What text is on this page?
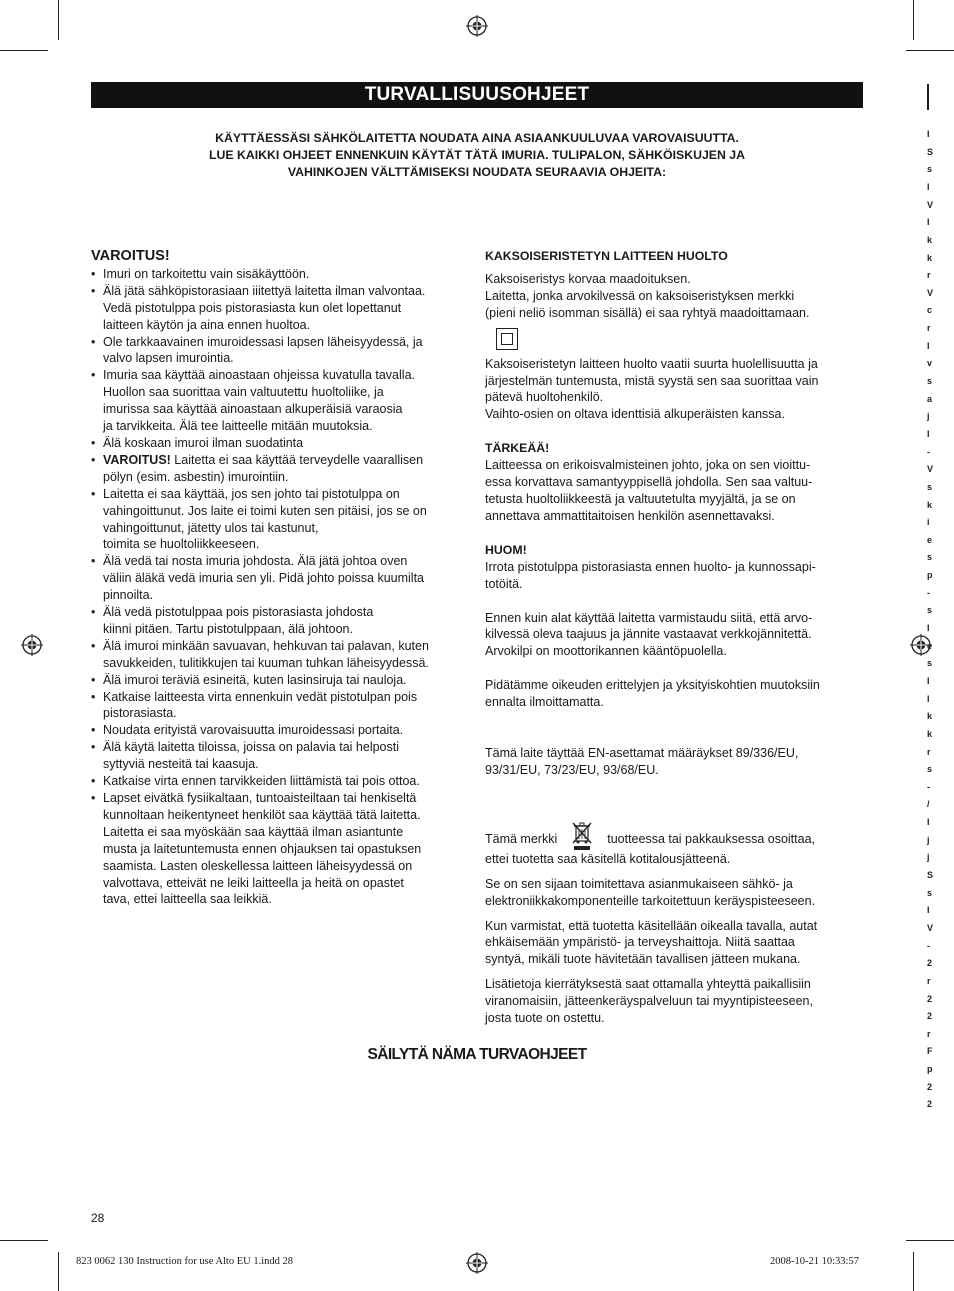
TURVALLISUUSOHJEET
KÄYTTÄESSÄSI SÄHKÖLAITETTA NOUDATA AINA ASIAANKUULUVAA VAROVAISUUTTA.
LUE KAIKKI OHJEET ENNENKUIN KÄYTÄT TÄTÄ IMURIA. TULIPALON, SÄHKÖISKUJEN JA
VAHINKOJEN VÄLTTÄMISEKSI NOUDATA SEURAAVIA OHJEITA:
VAROITUS!
• Imuri on tarkoitettu vain sisäkäyttöön.
• Älä jätä sähköpistorasiaan iiitettyä laitetta ilman valvontaa.
Vedä pistotulppa pois pistorasiasta kun olet lopettanut
laitteen käytön ja aina ennen huoltoa.
• Ole tarkkaavainen imuroidessasi lapsen läheisyydessä, ja
valvo lapsen imurointia.
• Imuria saa käyttää ainoastaan ohjeissa kuvatulla tavalla.
Huollon saa suorittaa vain valtuutettu huoltoliike, ja
imurissa saa käyttää ainoastaan alkuperäisiä varaosia
ja tarvikkeita. Älä tee laitteelle mitään muutoksia.
• Älä koskaan imuroi ilman suodatinta
• VAROITUS! Laitetta ei saa käyttää terveydelle vaarallisen
pölyn (esim. asbestin) imurointiin.
• Laitetta ei saa käyttää, jos sen johto tai pistotulppa on
vahingoittunut. Jos laite ei toimi kuten sen pitäisi, jos se on
vahingoittunut, jätetty ulos tai kastunut,
toimita se huoltoliikkeeseen.
• Älä vedä tai nosta imuria johdosta. Älä jätä johtoa oven
väliin äläkä vedä imuria sen yli. Pidä johto poissa kuumilta
pinnoilta.
• Älä vedä pistotulppaa pois pistorasiasta johdosta
kiinni pitäen. Tartu pistotulppaan, älä johtoon.
• Älä imuroi minkään savuavan, hehkuvan tai palavan, kuten
savukkeiden, tulitikkujen tai kuuman tuhkan läheisyydessä.
• Älä imuroi teräviä esineitä, kuten lasinsiruja tai nauloja.
• Katkaise laitteesta virta ennenkuin vedät pistotulpan pois
pistorasiasta.
• Noudata erityistä varovaisuutta imuroidessasi portaita.
• Älä käytä laitetta tiloissa, joissa on palavia tai helposti
syttyviä nesteitä tai kaasuja.
• Katkaise virta ennen tarvikkeiden liittämistä tai pois ottoa.
• Lapset eivätkä fysiikaltaan, tuntoaisteiltaan tai henkiseltä
kunnoltaan heikentyneet henkilöt saa käyttää tätä laitetta.
Laitetta ei saa myöskään saa käyttää ilman asiantunte
musta ja laitetuntemusta ennen ohjauksen tai opastuksen
saamista. Lasten oleskellessa laitteen läheisyydessä on
valvottava, etteivät ne leiki laitteella ja heitä on opastet
tava, ettei laitteella saa leikkiä.
KAKSOISERISTETYN LAITTEEN HUOLTO
Kaksoiseristys korvaa maadoituksen.
Laitetta, jonka arvokilvessä on kaksoiseristyksen merkki
(pieni neliö isomman sisällä) ei saa ryhtyä maadoittamaan.
Kaksoiseristetyn laitteen huolto vaatii suurta huolellisuutta ja
järjestelmän tuntemusta, mistä syystä sen saa suorittaa vain
pätevä huoltohenkilö.
Vaihto-osien on oltava identtisiä alkuperäisten kanssa.
TÄRKEÄÄ!
Laitteessa on erikoisvalmisteinen johto, joka on sen vioittu-
essa korvattava samantyyppisellä johdolla. Sen saa valtuu-
tetusta huoltoliikkeestä ja valtuutetulta myyjältä, ja se on
annettava ammattitaitoisen henkilön asennettavaksi.
HUOM!
Irrota pistotulppa pistorasiasta ennen huolto- ja kunnossapi-
totöitä.
Ennen kuin alat käyttää laitetta varmistaudu siitä, että arvo-
kilvessä oleva taajuus ja jännite vastaavat verkkojännitettä.
Arvokilpi on moottorikannen kääntöpuolella.
Pidätämme oikeuden erittelyjen ja yksityiskohtien muutoksiin
ennalta ilmoittamatta.
Tämä laite täyttää EN-asettamat määräykset 89/336/EU,
93/31/EU, 73/23/EU, 93/68/EU.
Tämä merkki	tuotteessa tai pakkauksessa osoittaa,
ettei tuotetta saa käsitellä kotitalousjätteenä.
Se on sen sijaan toimitettava asianmukaiseen sähkö- ja
elektroniikkakomponenteille tarkoitettuun keräyspisteeseen.
Kun varmistat, että tuotetta käsitellään oikealla tavalla, autat
ehkäisemään ympäristö- ja terveyshaittoja. Niitä saattaa
syntyä, mikäli tuote hävitetään tavallisen jätteen mukana.
Lisätietoja kierrätyksestä saat ottamalla yhteyttä paikallisiin
viranomaisiin, jätteenkeräyspalveluun tai myyntipisteeseen,
josta tuote on ostettu.
SÄILYTÄ NÄMA TURVAOHJEET
28
823 0062 130 Instruction for use Alto EU 1.indd 28	2008-10-21 10:33:57
I
S
s
I
V
I
k
k
r
V
c
r
I
v
s
a
j
I
-
V
s
k
i
e
s
p
-
s
I
e
s
I
I
k
k
r
s
-
/
I
j
j
S
s
I
V
-
2
r
2
2
r
F
p
2
2
